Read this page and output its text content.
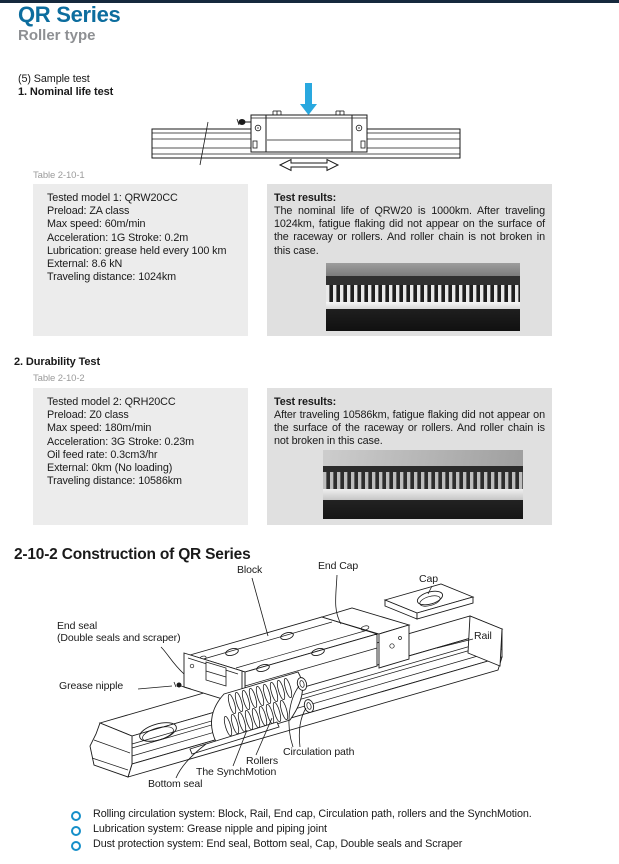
QR Series
Roller type
(5) Sample test
1. Nominal life test
Table 2-10-1
Tested model 1: QRW20CC
Preload: ZA class
Max speed: 60m/min
Acceleration: 1G Stroke: 0.2m
Lubrication: grease held every 100 km
External: 8.6 kN
Traveling distance: 1024km
Test results:
The nominal life of QRW20 is 1000km. After traveling 1024km, fatigue flaking did not appear on the surface of the raceway or rollers. And roller chain is not broken in this case.
2. Durability Test
Table 2-10-2
Tested model 2: QRH20CC
Preload: Z0 class
Max speed: 180m/min
Acceleration: 3G Stroke: 0.23m
Oil feed rate: 0.3cm3/hr
External: 0km (No loading)
Traveling distance: 10586km
Test results:
After traveling 10586km, fatigue flaking did not appear on the surface of the raceway or rollers. And roller chain is not broken in this case.
2-10-2 Construction of QR Series
Block	End Cap
Cap
End seal
(Double seals and scraper)	Rail
Grease nipple
Circulation path
Rollers
The SynchMotion
Bottom seal
Rolling circulation system: Block, Rail, End cap, Circulation path, rollers and the SynchMotion.
Lubrication system: Grease nipple and piping joint
Dust protection system: End seal, Bottom seal, Cap, Double seals and Scraper
